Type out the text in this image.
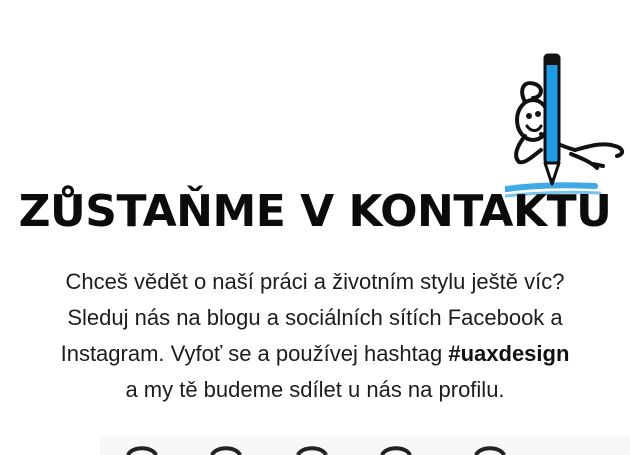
ZŮSTAŇME V KONTAKTU

Chceš vědět o naší práci a životním stylu ještě víc?
Sleduj nás na blogu a sociálních sítích Facebook a
Instagram. Vyfoť se a používej hashtag #uaxdesign
a my tě budeme sdílet u nás na profilu.
